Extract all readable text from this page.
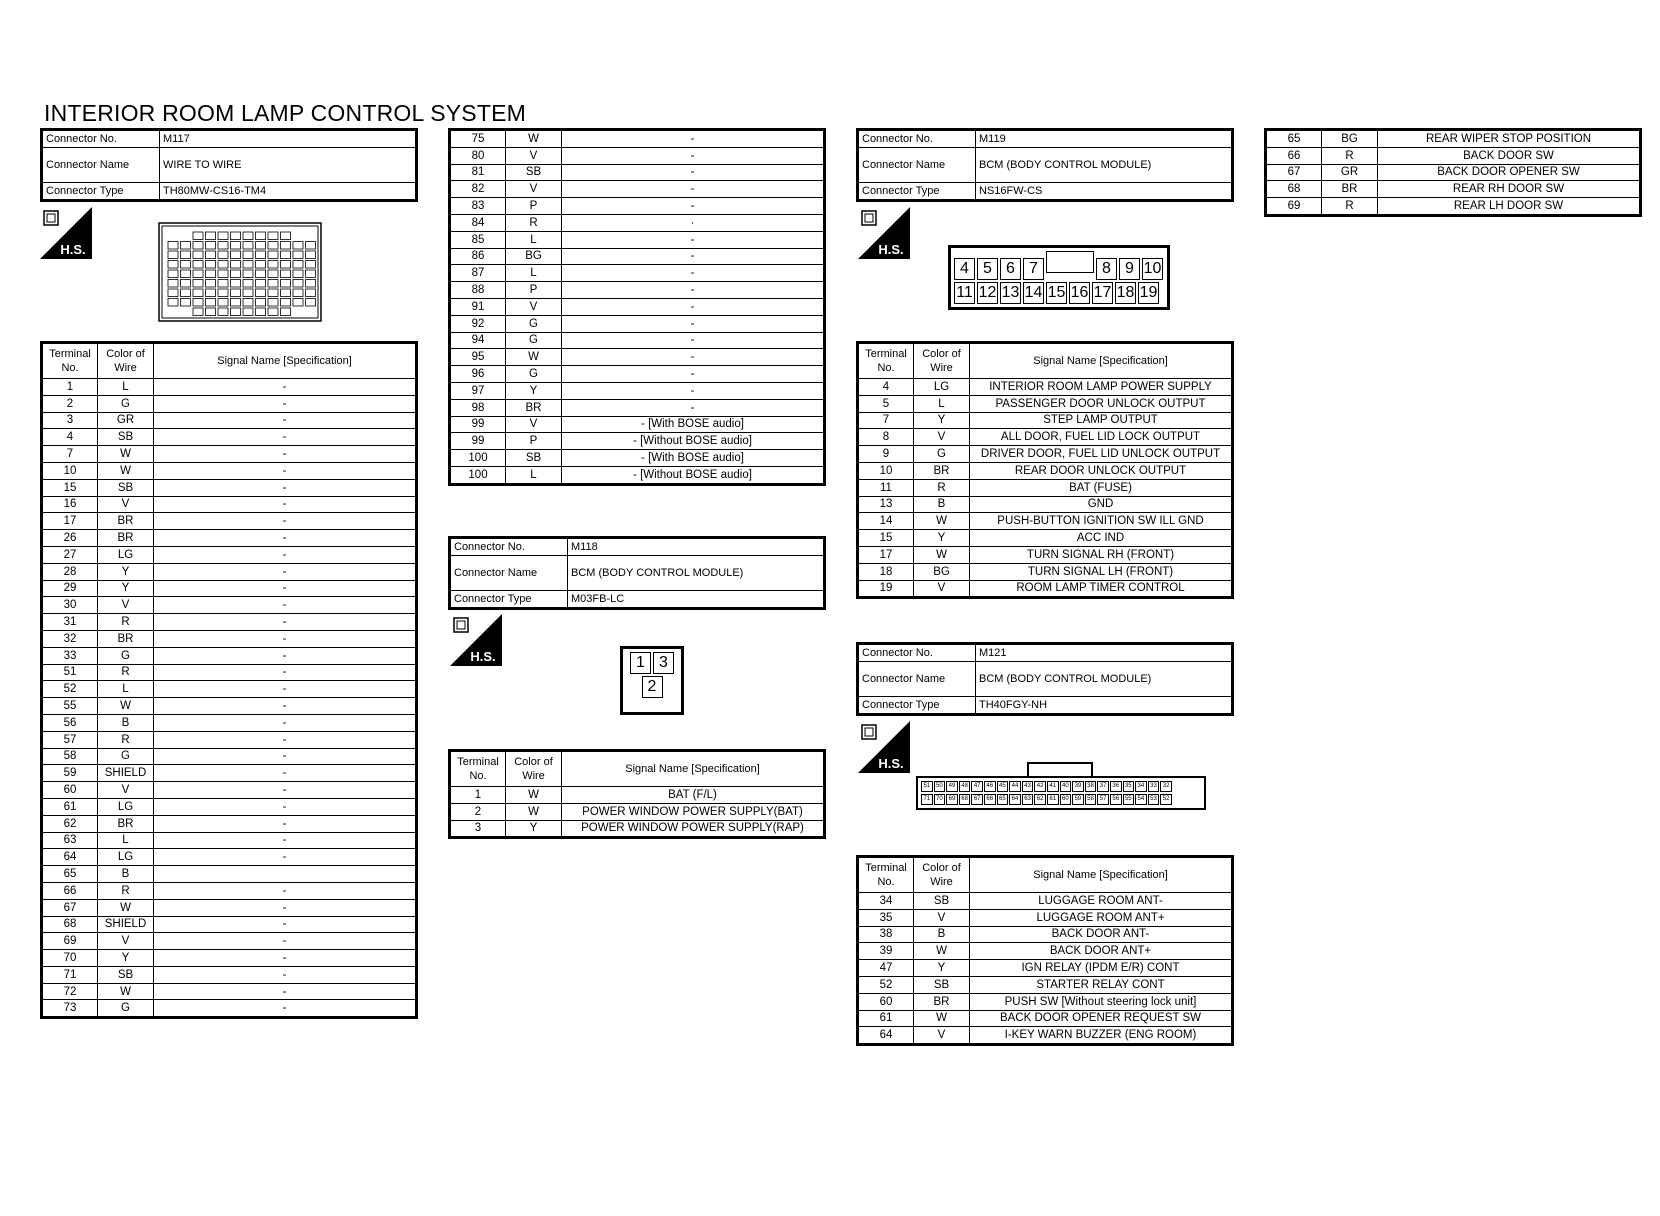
INTERIOR ROOM LAMP CONTROL SYSTEM
Connector No.	M117
Connector Name	WIRE TO WIRE
Connector Type	TH80MW-CS16-TM4
H.S.
Terminal No.	Color of Wire	Signal Name [Specification]
1	L	-
2	G	-
3	GR	-
4	SB	-
7	W	-
10	W	-
15	SB	-
16	V	-
17	BR	-
26	BR	-
27	LG	-
28	Y	-
29	Y	-
30	V	-
31	R	-
32	BR	-
33	G	-
51	R	-
52	L	-
55	W	-
56	B	-
57	R	-
58	G	-
59	SHIELD	-
60	V	-
61	LG	-
62	BR	-
63	L	-
64	LG	-
65	B	
66	R	-
67	W	-
68	SHIELD	-
69	V	-
70	Y	-
71	SB	-
72	W	-
73	G	-
75	W	-
80	V	-
81	SB	-
82	V	-
83	P	-
84	R	·
85	L	-
86	BG	-
87	L	-
88	P	-
91	V	-
92	G	-
94	G	-
95	W	-
96	G	-
97	Y	-
98	BR	-
99	V	- [With BOSE audio]
99	P	- [Without BOSE audio]
100	SB	- [With BOSE audio]
100	L	- [Without BOSE audio]
Connector No.	M118
Connector Name	BCM (BODY CONTROL MODULE)
Connector Type	M03FB-LC
H.S.	1 3
2
Terminal No.	Color of Wire	Signal Name [Specification]
1	W	BAT (F/L)
2	W	POWER WINDOW POWER SUPPLY(BAT)
3	Y	POWER WINDOW POWER SUPPLY(RAP)
Connector No.	M119
Connector Name	BCM (BODY CONTROL MODULE)
Connector Type	NS16FW-CS
H.S.
4 5 6 7	8 9 10
11 12 13 14 15 16 17 18 19
Terminal No.	Color of Wire	Signal Name [Specification]
4	LG	INTERIOR ROOM LAMP POWER SUPPLY
5	L	PASSENGER DOOR UNLOCK OUTPUT
7	Y	STEP LAMP OUTPUT
8	V	ALL DOOR, FUEL LID LOCK OUTPUT
9	G	DRIVER DOOR, FUEL LID UNLOCK OUTPUT
10	BR	REAR DOOR UNLOCK OUTPUT
11	R	BAT (FUSE)
13	B	GND
14	W	PUSH-BUTTON IGNITION SW ILL GND
15	Y	ACC IND
17	W	TURN SIGNAL RH (FRONT)
18	BG	TURN SIGNAL LH (FRONT)
19	V	ROOM LAMP TIMER CONTROL
Connector No.	M121
Connector Name	BCM (BODY CONTROL MODULE)
Connector Type	TH40FGY-NH
H.S.
51 50 49 48 47 46 45 44 43 42 41 40 39 38 37 36 35 34 33 32
71 70 69 68 67 66 65 64 63 62 61 60 59 58 57 56 55 54 53 52
Terminal No.	Color of Wire	Signal Name [Specification]
34	SB	LUGGAGE ROOM ANT-
35	V	LUGGAGE ROOM ANT+
38	B	BACK DOOR ANT-
39	W	BACK DOOR ANT+
47	Y	IGN RELAY (IPDM E/R) CONT
52	SB	STARTER RELAY CONT
60	BR	PUSH SW [Without steering lock unit]
61	W	BACK DOOR OPENER REQUEST SW
64	V	I-KEY WARN BUZZER (ENG ROOM)
65	BG	REAR WIPER STOP POSITION
66	R	BACK DOOR SW
67	GR	BACK DOOR OPENER SW
68	BR	REAR RH DOOR SW
69	R	REAR LH DOOR SW
